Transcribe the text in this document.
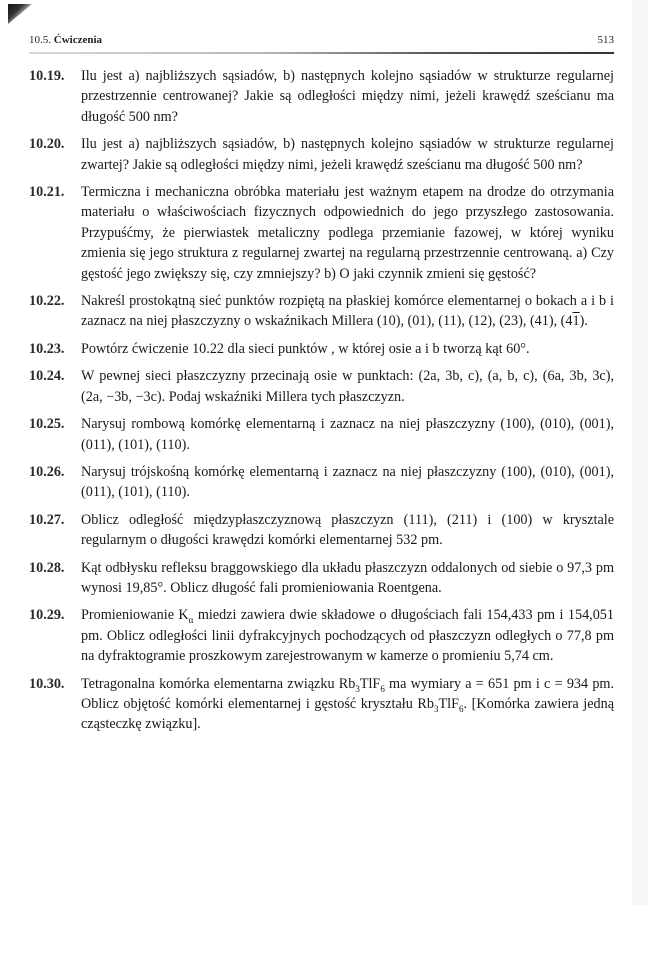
10.5. Ćwiczenia	513
10.19.	Ilu jest a) najbliższych sąsiadów, b) następnych kolejno sąsiadów w strukturze regularnej przestrzennie centrowanej? Jakie są odległości między nimi, jeżeli krawędź sześcianu ma długość 500 nm?
10.20.	Ilu jest a) najbliższych sąsiadów, b) następnych kolejno sąsiadów w strukturze regularnej zwartej? Jakie są odległości między nimi, jeżeli krawędź sześcianu ma długość 500 nm?
10.21.	Termiczna i mechaniczna obróbka materiału jest ważnym etapem na drodze do otrzymania materiału o właściwościach fizycznych odpowiednich do jego przyszłego zastosowania. Przypuśćmy, że pierwiastek metaliczny podlega przemianie fazowej, w której wyniku zmienia się jego struktura z regularnej zwartej na regularną przestrzennie centrowaną. a) Czy gęstość jego zwiększy się, czy zmniejszy? b) O jaki czynnik zmieni się gęstość?
10.22.	Nakreśl prostokątną sieć punktów rozpiętą na płaskiej komórce elementarnej o bokach a i b i zaznacz na niej płaszczyzny o wskaźnikach Millera (10), (01), (11), (12), (23), (41), (41).
10.23.	Powtórz ćwiczenie 10.22 dla sieci punktów , w której osie a i b tworzą kąt 60°.
10.24.	W pewnej sieci płaszczyzny przecinają osie w punktach: (2a, 3b, c), (a, b, c), (6a, 3b, 3c), (2a, −3b, −3c). Podaj wskaźniki Millera tych płaszczyzn.
10.25.	Narysuj rombową komórkę elementarną i zaznacz na niej płaszczyzny (100), (010), (001), (011), (101), (110).
10.26.	Narysuj trójskośną komórkę elementarną i zaznacz na niej płaszczyzny (100), (010), (001), (011), (101), (110).
10.27.	Oblicz odległość międzypłaszczyznową płaszczyzn (111), (211) i (100) w krysztale regularnym o długości krawędzi komórki elementarnej 532 pm.
10.28.	Kąt odbłysku refleksu braggowskiego dla układu płaszczyzn oddalonych od siebie o 97,3 pm wynosi 19,85°. Oblicz długość fali promieniowania Roentgena.
10.29.	Promieniowanie $K_\alpha$ miedzi zawiera dwie składowe o długościach fali 154,433 pm i 154,051 pm. Oblicz odległości linii dyfrakcyjnych pochodzących od płaszczyzn odległych o 77,8 pm na dyfraktogramie proszkowym zarejestrowanym w kamerze o promieniu 5,74 cm.
10.30.	Tetragonalna komórka elementarna związku $Rb_3TlF_6$ ma wymiary a = 651 pm i c = 934 pm. Oblicz objętość komórki elementarnej i gęstość kryształu $Rb_3TlF_6$. [Komórka zawiera jedną cząsteczkę związku].
